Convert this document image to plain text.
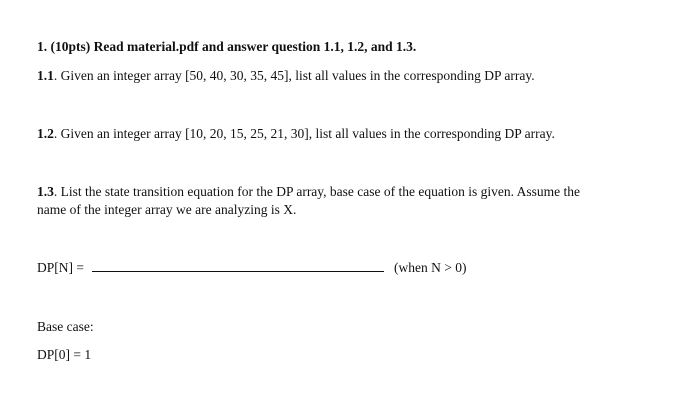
1. (10pts) Read material.pdf and answer question 1.1, 1.2, and 1.3.
1.1. Given an integer array [50, 40, 30, 35, 45], list all values in the corresponding DP array.
1.2. Given an integer array [10, 20, 15, 25, 21, 30], list all values in the corresponding DP array.
1.3. List the state transition equation for the DP array, base case of the equation is given. Assume the
name of the integer array we are analyzing is X.
DP[N] =	(when N > 0)
Base case:
DP[0] = 1
